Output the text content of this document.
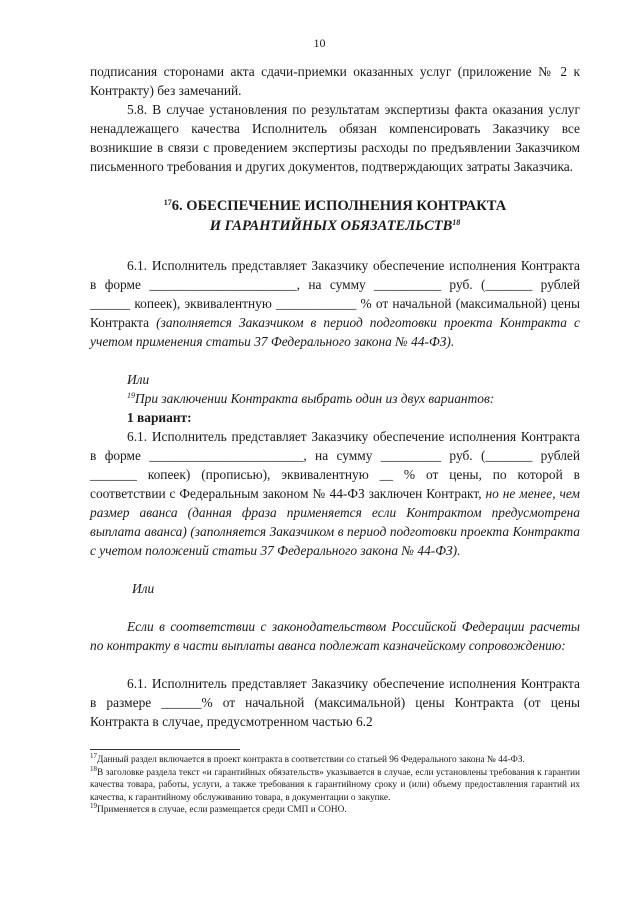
10

подписания сторонами акта сдачи-приемки оказанных услуг (приложение № 2 к Контракту) без замечаний.

5.8. В случае установления по результатам экспертизы факта оказания услуг ненадлежащего качества Исполнитель обязан компенсировать Заказчику все возникшие в связи с проведением экспертизы расходы по предъявлении Заказчиком письменного требования и других документов, подтверждающих затраты Заказчика.

$^{17}$6. ОБЕСПЕЧЕНИЕ ИСПОЛНЕНИЯ КОНТРАКТА
И ГАРАНТИЙНЫХ ОБЯЗАТЕЛЬСТВ$^{18}$

6.1. Исполнитель представляет Заказчику обеспечение исполнения Контракта в форме ______________________, на сумму __________ руб. (_______ рублей ______ копеек), эквивалентную ____________ % от начальной (максимальной) цены Контракта (заполняется Заказчиком в период подготовки проекта Контракта с учетом применения статьи 37 Федерального закона № 44-ФЗ).

Или

$^{19}$При заключении Контракта выбрать один из двух вариантов:

1 вариант:

6.1. Исполнитель представляет Заказчику обеспечение исполнения Контракта в форме _______________________, на сумму _________ руб. (_______ рублей _______ копеек) (прописью), эквивалентную __ % от цены, по которой в соответствии с Федеральным законом № 44-ФЗ заключен Контракт, но не менее, чем размер аванса (данная фраза применяется если Контрактом предусмотрена выплата аванса) (заполняется Заказчиком в период подготовки проекта Контракта с учетом положений статьи 37 Федерального закона № 44-ФЗ).

Или

Если в соответствии с законодательством Российской Федерации расчеты по контракту в части выплаты аванса подлежат казначейскому сопровождению:

6.1. Исполнитель представляет Заказчику обеспечение исполнения Контракта в размере ______% от начальной (максимальной) цены Контракта (от цены Контракта в случае, предусмотренном частью 6.2

$^{17}$Данный раздел включается в проект контракта в соответствии со статьей 96 Федерального закона № 44-ФЗ.

$^{18}$В заголовке раздела текст «и гарантийных обязательств» указывается в случае, если установлены требования к гарантии качества товара, работы, услуги, а также требования к гарантийному сроку и (или) объему предоставления гарантий их качества, к гарантийному обслуживанию товара, в документации о закупке.

$^{19}$Применяется в случае, если размещается среди СМП и СОНО.
